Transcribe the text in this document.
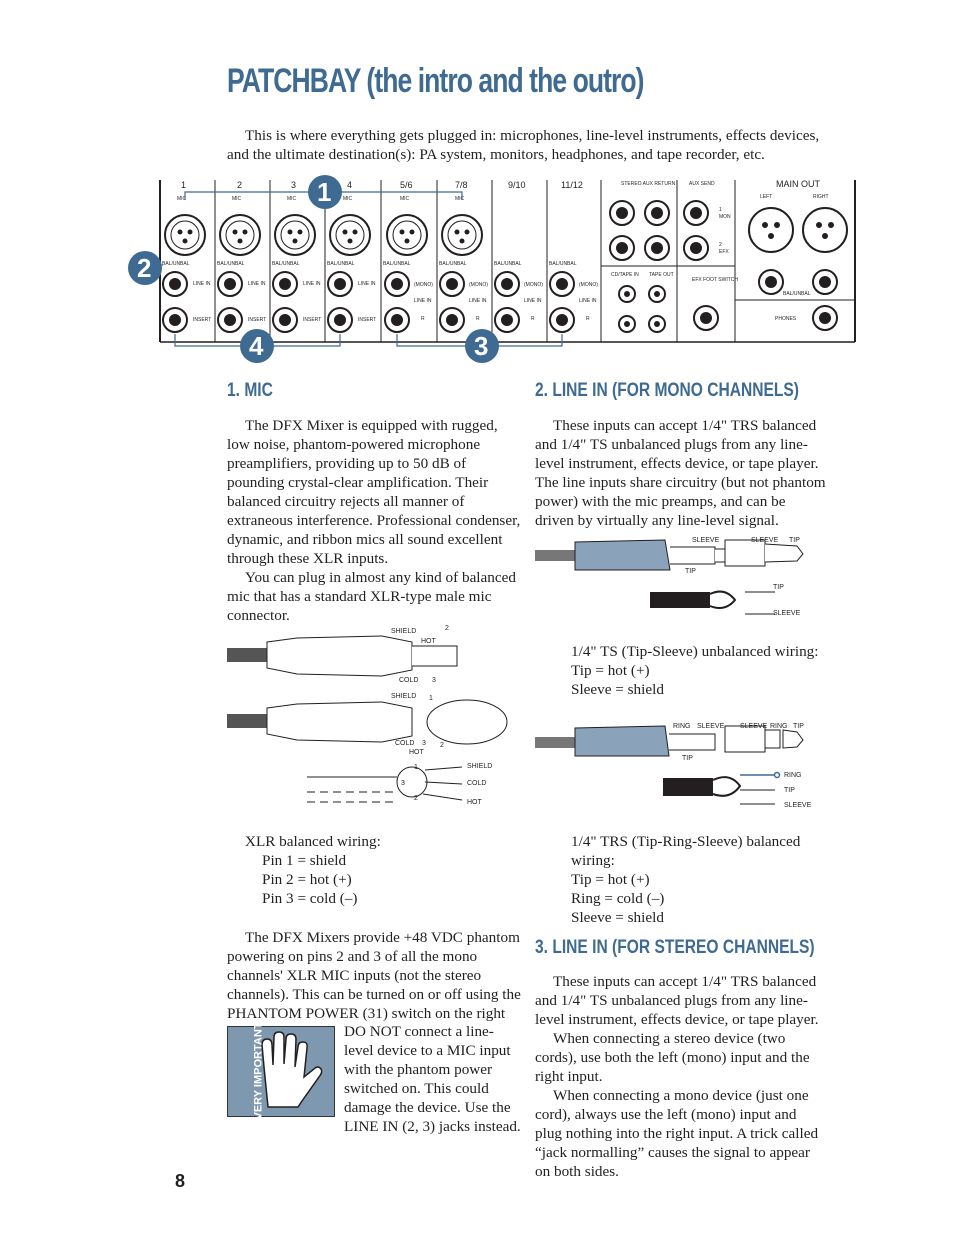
PATCHBAY (the intro and the outro)

This is where everything gets plugged in: microphones, line-level instruments, effects devices, and the ultimate destination(s): PA system, monitors, headphones, and tape recorder, etc.

1	2	3	4	5/6	7/8	9/10	11/12
MIC	MIC	MIC	MIC	MIC	MIC
BAL/UNBAL	BAL/UNBAL	BAL/UNBAL	BAL/UNBAL	BAL/UNBAL	BAL/UNBAL	BAL/UNBAL	BAL/UNBAL
LINE IN	LINE IN	LINE IN	LINE IN
INSERT	INSERT	INSERT	INSERT
(MONO)	(MONO)	(MONO)	(MONO)
LINE IN	LINE IN	LINE IN	LINE IN
R	R	R	R
STEREO AUX RETURN	AUX SEND	MAIN OUT
LEFT	RIGHT
1
MON
2
EFX
CD/TAPE IN TAPE OUT
EFX FOOT SWITCH
BAL/UNBAL
PHONES
1
2
3
4
1. MIC

The DFX Mixer is equipped with rugged, low noise, phantom-powered microphone preamplifiers, providing up to 50 dB of pounding crystal-clear amplification. Their balanced circuitry rejects all manner of extraneous interference. Professional condenser, dynamic, and ribbon mics all sound excellent through these XLR inputs.

You can plug in almost any kind of balanced mic that has a standard XLR-type male mic connector.

SHIELD
HOT
2
COLD 3
SHIELD 1
COLD 3 2
HOT
1
3
2
SHIELD
COLD
HOT

XLR balanced wiring:

Pin 1 = shield

Pin 2 = hot (+)

Pin 3 = cold (–)

The DFX Mixers provide +48 VDC phantom powering on pins 2 and 3 of all the mono channels' XLR MIC inputs (not the stereo channels). This can be turned on or off using the PHANTOM POWER (31) switch on the right

VERY IMPORTANT	DO NOT connect a line-level device to a MIC input with the phantom power switched on. This could damage the device. Use the LINE IN (2, 3) jacks instead.

8
2. LINE IN (FOR MONO CHANNELS)

These inputs can accept 1/4" TRS balanced and 1/4" TS unbalanced plugs from any line-level instrument, effects device, or tape player. The line inputs share circuitry (but not phantom power) with the mic preamps, and can be driven by virtually any line-level signal.

SLEEVE	SLEEVE TIP
TIP
TIP
SLEEVE

1/4" TS (Tip-Sleeve) unbalanced wiring:

Tip = hot (+)

Sleeve = shield

RING SLEEVE SLEEVE RING TIP
TIP
RING
TIP
SLEEVE

1/4" TRS (Tip-Ring-Sleeve) balanced wiring:

Tip = hot (+)

Ring = cold (–)

Sleeve = shield

3. LINE IN (FOR STEREO CHANNELS)

These inputs can accept 1/4" TRS balanced and 1/4" TS unbalanced plugs from any line-level instrument, effects device, or tape player.

When connecting a stereo device (two cords), use both the left (mono) input and the right input.

When connecting a mono device (just one cord), always use the left (mono) input and plug nothing into the right input. A trick called “jack normalling” causes the signal to appear on both sides.
